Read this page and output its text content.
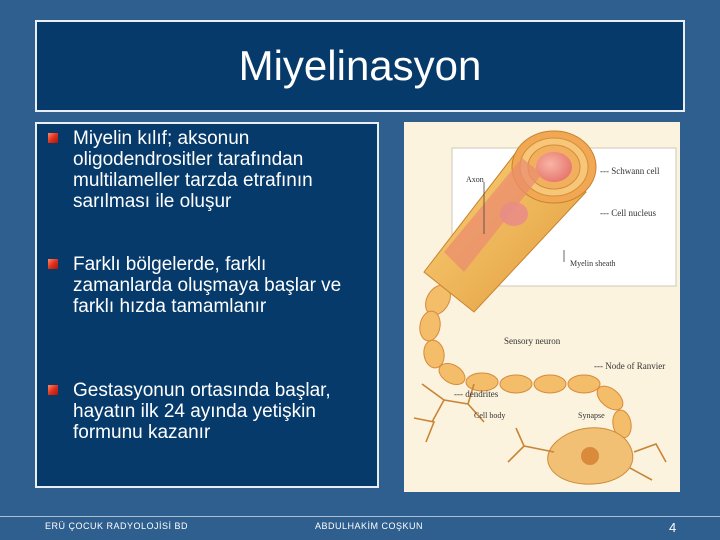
Miyelinasyon
Miyelin kılıf; aksonun oligodendrositler tarafından multilameller tarzda etrafının sarılması ile oluşur
Farklı bölgelerde, farklı zamanlarda oluşmaya başlar ve farklı hızda tamamlanır
Gestasyonun ortasında başlar, hayatın ilk 24 ayında yetişkin formunu kazanır
Axon
--- Schwann cell
--- Cell nucleus
Myelin sheath
Sensory neuron
--- Node of Ranvier
--- dendrites
Cell body	Synapse
ERÜ ÇOCUK RADYOLOJİSİ BD	ABDULHAKİM COŞKUN	4
